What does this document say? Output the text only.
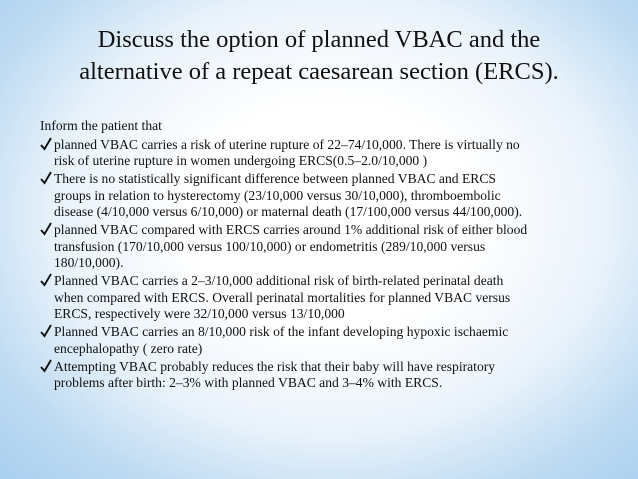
Discuss the option of planned VBAC and the
alternative of a repeat caesarean section (ERCS).

Inform the patient that

planned VBAC carries a risk of uterine rupture of 22–74/10,000. There is virtually no
risk of uterine rupture in women undergoing ERCS(0.5–2.0/10,000 )
There is no statistically significant difference between planned VBAC and ERCS
groups in relation to hysterectomy (23/10,000 versus 30/10,000), thromboembolic
disease (4/10,000 versus 6/10,000) or maternal death (17/100,000 versus 44/100,000).
planned VBAC compared with ERCS carries around 1% additional risk of either blood
transfusion (170/10,000 versus 100/10,000) or endometritis (289/10,000 versus
180/10,000).
Planned VBAC carries a 2–3/10,000 additional risk of birth-related perinatal death
when compared with ERCS. Overall perinatal mortalities for planned VBAC versus
ERCS, respectively were 32/10,000 versus 13/10,000
Planned VBAC carries an 8/10,000 risk of the infant developing hypoxic ischaemic
encephalopathy ( zero rate)
Attempting VBAC probably reduces the risk that their baby will have respiratory
problems after birth: 2–3% with planned VBAC and 3–4% with ERCS.
